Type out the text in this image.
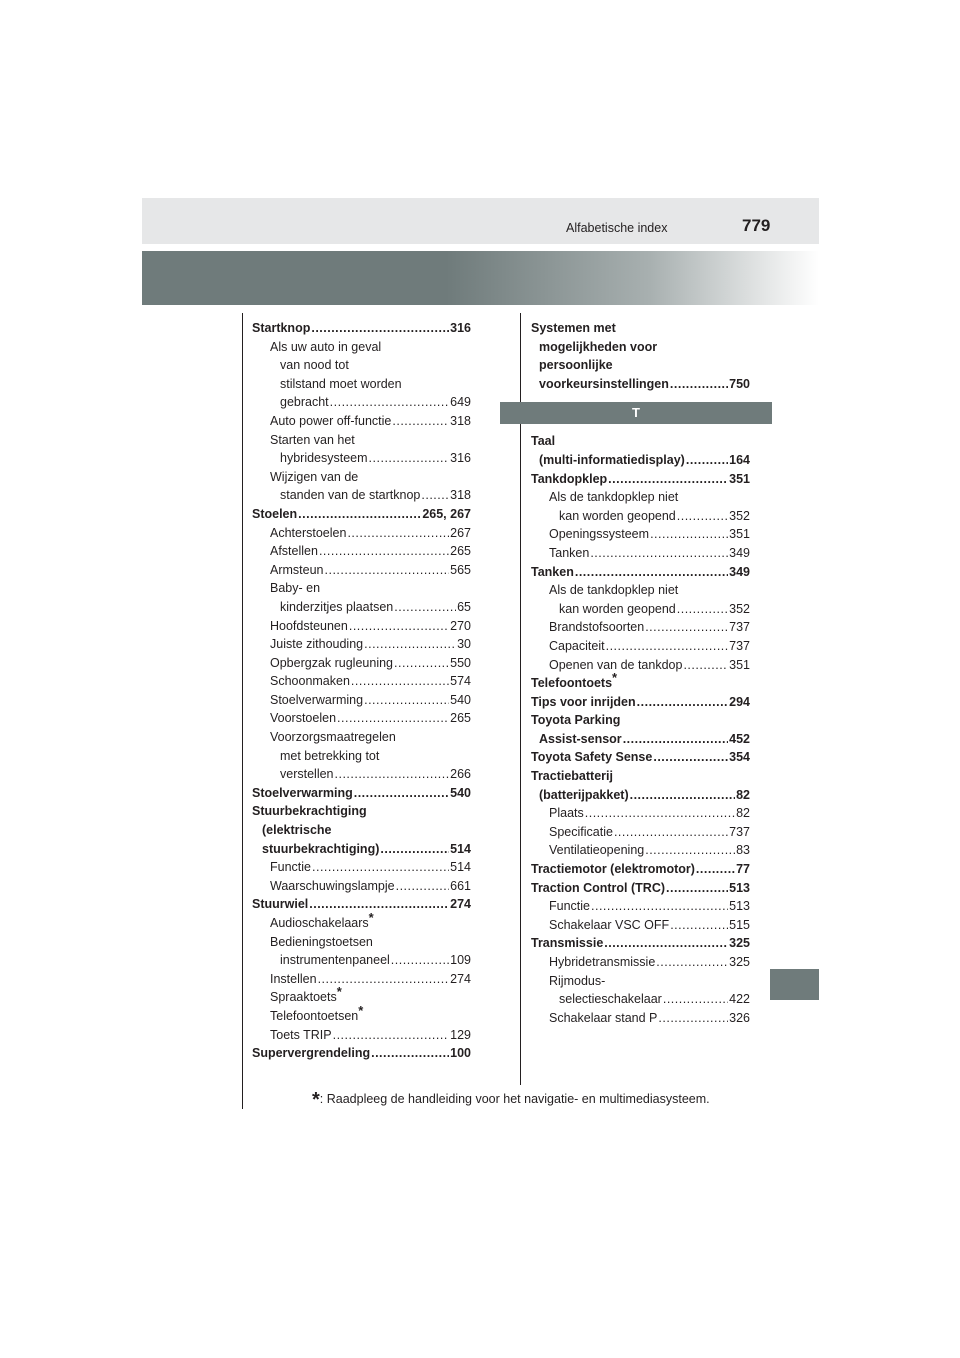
Alfabetische index	779
Startknop .....	316
Als uw auto in geval
van nood tot
stilstand moet worden
gebracht .....	649
Auto power off-functie .....	318
Starten van het
hybridesysteem .....	316
Wijzigen van de
standen van de startknop ..... 318
Stoelen .....	265, 267
Achterstoelen .....	267
Afstellen .....	265
Armsteun .....	565
Baby- en
kinderzitjes plaatsen .....	65
Hoofdsteunen .....	270
Juiste zithouding .....	30
Opbergzak rugleuning .....	550
Schoonmaken .....	574
Stoelverwarming .....	540
Voorstoelen .....	265
Voorzorgsmaatregelen
met betrekking tot
verstellen .....	266
Stoelverwarming .....	540
Stuurbekrachtiging
(elektrische
stuurbekrachtiging) .....	514
Functie .....	514
Waarschuwingslampje .....	661
Stuurwiel .....	274
Audioschakelaars*
Bedieningstoetsen
instrumentenpaneel .....	109
Instellen .....	274
Spraaktoets*
Telefoontoetsen*
Toets TRIP .....	129
Supervergrendeling .....	100
Systemen met
mogelijkheden voor
persoonlijke
voorkeursinstellingen .....	750
T
Taal
(multi-informatiedisplay) .....	164
Tankdopklep .....	351
Als de tankdopklep niet
kan worden geopend .....	352
Openingssysteem .....	351
Tanken .....	349
Tanken .....	349
Als de tankdopklep niet
kan worden geopend .....	352
Brandstofsoorten .....	737
Capaciteit .....	737
Openen van de tankdop .....	351
Telefoontoets*
Tips voor inrijden .....	294
Toyota Parking
Assist-sensor .....	452
Toyota Safety Sense .....	354
Tractiebatterij
(batterijpakket) .....	82
Plaats .....	82
Specificatie .....	737
Ventilatieopening .....	83
Tractiemotor (elektromotor) .....	77
Traction Control (TRC) .....	513
Functie .....	513
Schakelaar VSC OFF .....	515
Transmissie .....	325
Hybridetransmissie .....	325
Rijmodus-
selectieschakelaar .....	422
Schakelaar stand P .....	326
*: Raadpleeg de handleiding voor het navigatie- en multimediasysteem.
